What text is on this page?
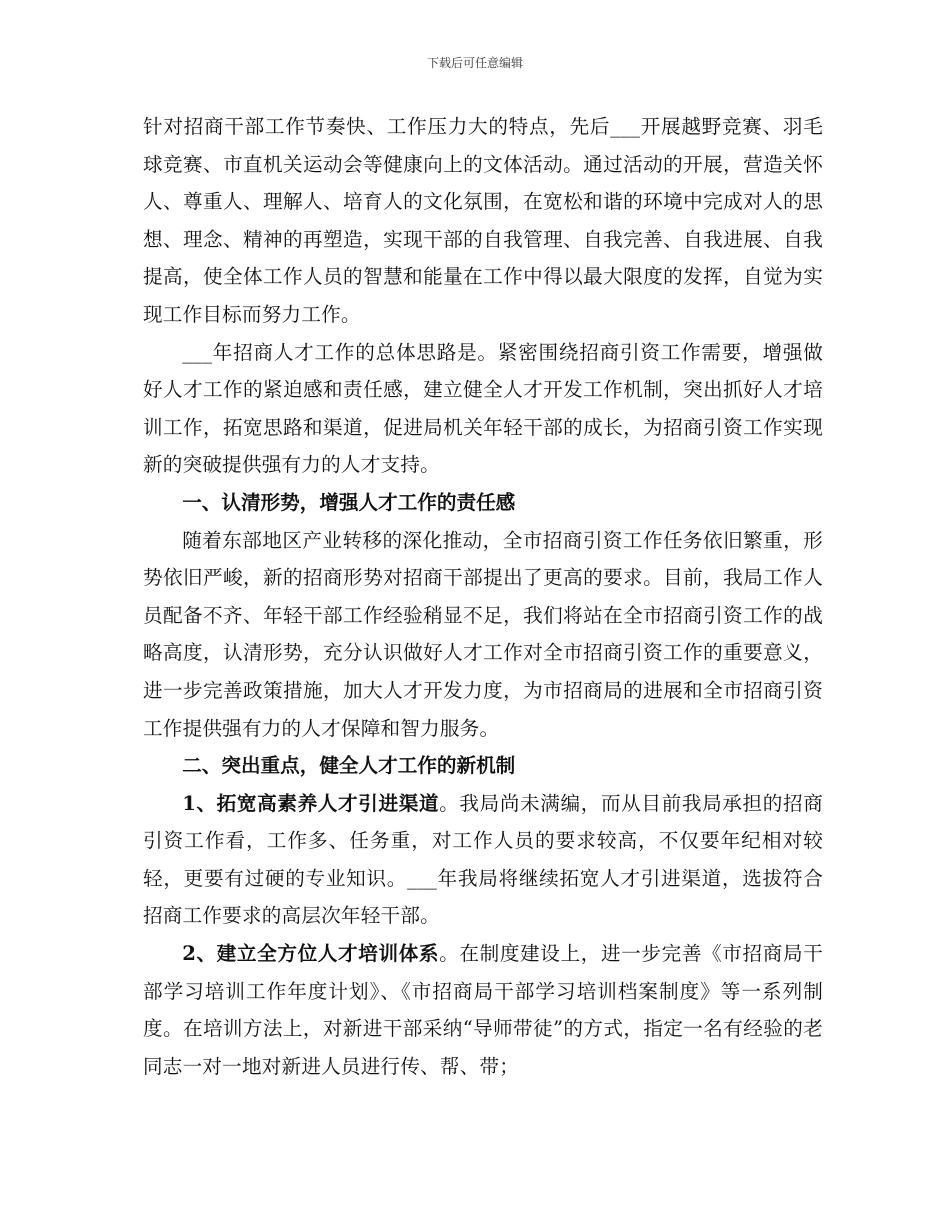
下载后可任意编辑

针对招商干部工作节奏快、工作压力大的特点，先后___开展越野竞赛、羽毛球竞赛、市直机关运动会等健康向上的文体活动。通过活动的开展，营造关怀人、尊重人、理解人、培育人的文化氛围，在宽松和谐的环境中完成对人的思想、理念、精神的再塑造，实现干部的自我管理、自我完善、自我进展、自我提高，使全体工作人员的智慧和能量在工作中得以最大限度的发挥，自觉为实现工作目标而努力工作。

___年招商人才工作的总体思路是。紧密围绕招商引资工作需要，增强做好人才工作的紧迫感和责任感，建立健全人才开发工作机制，突出抓好人才培训工作，拓宽思路和渠道，促进局机关年轻干部的成长，为招商引资工作实现新的突破提供强有力的人才支持。

一、认清形势，增强人才工作的责任感

随着东部地区产业转移的深化推动，全市招商引资工作任务依旧繁重，形势依旧严峻，新的招商形势对招商干部提出了更高的要求。目前，我局工作人员配备不齐、年轻干部工作经验稍显不足，我们将站在全市招商引资工作的战略高度，认清形势，充分认识做好人才工作对全市招商引资工作的重要意义，进一步完善政策措施，加大人才开发力度，为市招商局的进展和全市招商引资工作提供强有力的人才保障和智力服务。

二、突出重点，健全人才工作的新机制

1、拓宽高素养人才引进渠道。我局尚未满编，而从目前我局承担的招商引资工作看，工作多、任务重，对工作人员的要求较高，不仅要年纪相对较轻，更要有过硬的专业知识。___年我局将继续拓宽人才引进渠道，选拔符合招商工作要求的高层次年轻干部。

2、建立全方位人才培训体系。在制度建设上，进一步完善《市招商局干部学习培训工作年度计划》、《市招商局干部学习培训档案制度》等一系列制度。在培训方法上，对新进干部采纳“导师带徒”的方式，指定一名有经验的老同志一对一地对新进人员进行传、帮、带；
